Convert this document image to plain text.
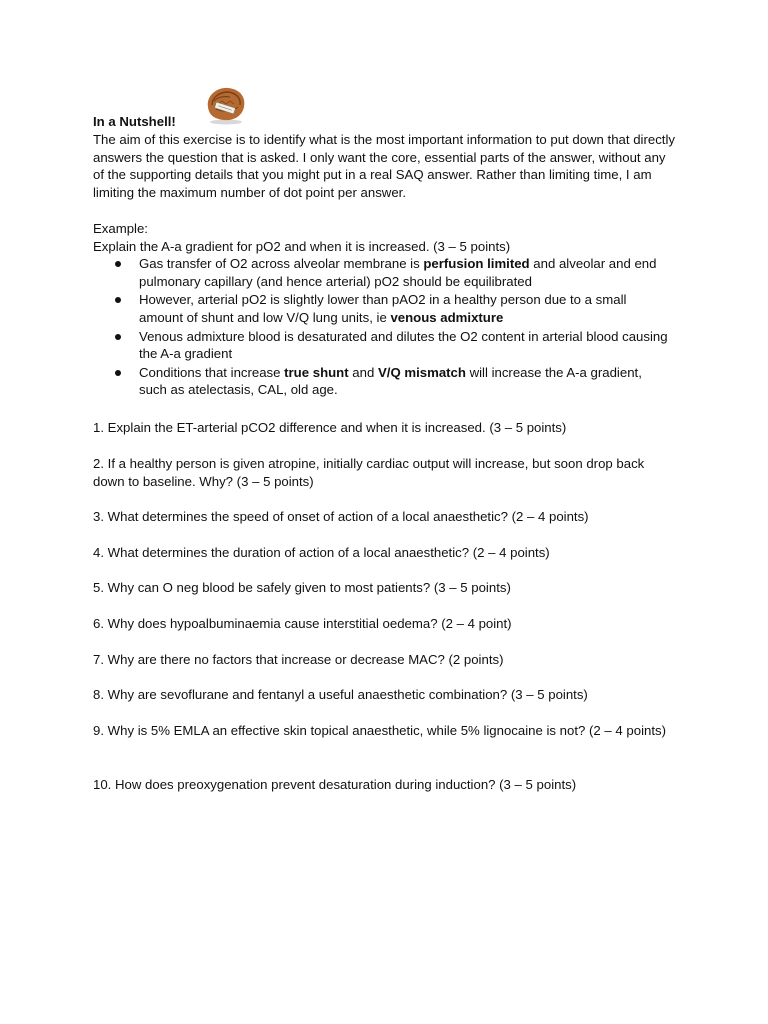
In a Nutshell!
The aim of this exercise is to identify what is the most important information to put down that directly answers the question that is asked. I only want the core, essential parts of the answer, without any of the supporting details that you might put in a real SAQ answer. Rather than limiting time, I am limiting the maximum number of dot point per answer.
Example:
Explain the A-a gradient for pO2 and when it is increased. (3 – 5 points)
Gas transfer of O2 across alveolar membrane is perfusion limited and alveolar and end pulmonary capillary (and hence arterial) pO2 should be equilibrated
However, arterial pO2 is slightly lower than pAO2 in a healthy person due to a small amount of shunt and low V/Q lung units, ie venous admixture
Venous admixture blood is desaturated and dilutes the O2 content in arterial blood causing the A-a gradient
Conditions that increase true shunt and V/Q mismatch will increase the A-a gradient, such as atelectasis, CAL, old age.
1. Explain the ET-arterial pCO2 difference and when it is increased. (3 – 5 points)
2. If a healthy person is given atropine, initially cardiac output will increase, but soon drop back down to baseline. Why? (3 – 5 points)
3. What determines the speed of onset of action of a local anaesthetic? (2 – 4 points)
4. What determines the duration of action of a local anaesthetic? (2 – 4 points)
5. Why can O neg blood be safely given to most patients? (3 – 5 points)
6. Why does hypoalbuminaemia cause interstitial oedema? (2 – 4 point)
7. Why are there no factors that increase or decrease MAC? (2 points)
8. Why are sevoflurane and fentanyl a useful anaesthetic combination? (3 – 5 points)
9. Why is 5% EMLA an effective skin topical anaesthetic, while 5% lignocaine is not? (2 – 4 points)
10. How does preoxygenation prevent desaturation during induction? (3 – 5 points)
